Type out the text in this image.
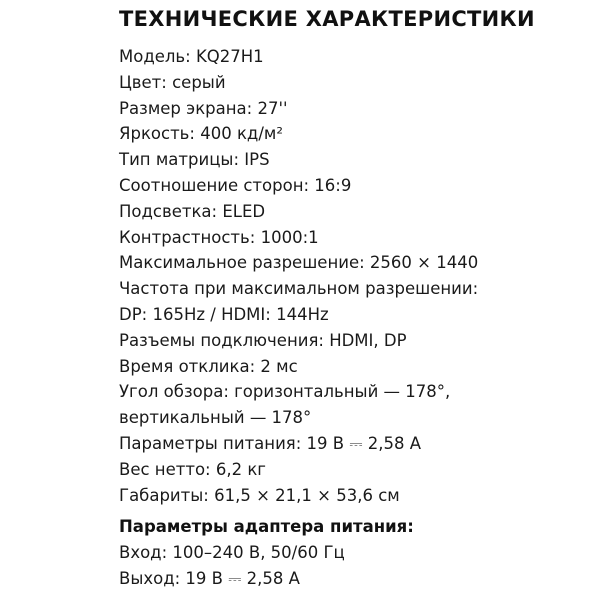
ТЕХНИЧЕСКИЕ ХАРАКТЕРИСТИКИ
Модель: KQ27H1
Цвет: серый
Размер экрана: 27''
Яркость: 400 кд/м²
Тип матрицы: IPS
Соотношение сторон: 16:9
Подсветка: ELED
Контрастность: 1000:1
Максимальное разрешение: 2560 × 1440
Частота при максимальном разрешении:
DP: 165Hz / HDMI: 144Hz
Разъемы подключения: HDMI, DP
Время отклика: 2 мс
Угол обзора: горизонтальный — 178°,
вертикальный — 178°
Параметры питания: 19 В ⎓ 2,58 А
Вес нетто: 6,2 кг
Габариты: 61,5 × 21,1 × 53,6 см
Параметры адаптера питания:
Вход: 100–240 В, 50/60 Гц
Выход: 19 В ⎓ 2,58 А
